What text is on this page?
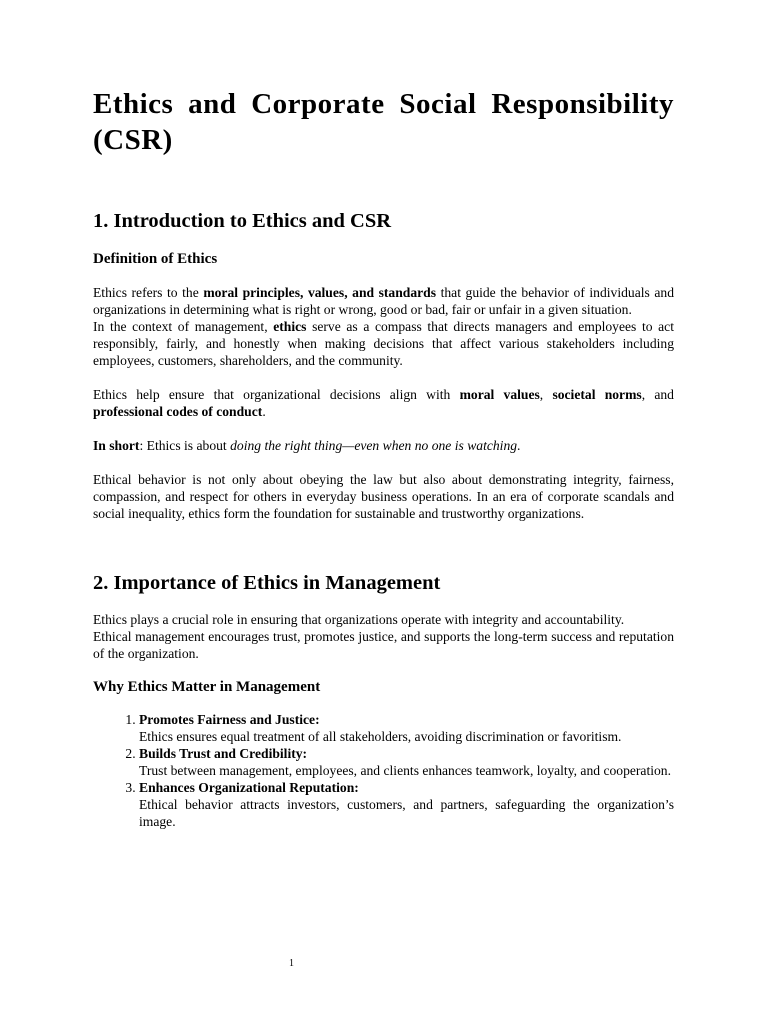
Ethics and Corporate Social Responsibility (CSR)
1. Introduction to Ethics and CSR
Definition of Ethics

Ethics refers to the moral principles, values, and standards that guide the behavior of individuals and organizations in determining what is right or wrong, good or bad, fair or unfair in a given situation.

In the context of management, ethics serve as a compass that directs managers and employees to act responsibly, fairly, and honestly when making decisions that affect various stakeholders including employees, customers, shareholders, and the community.

Ethics help ensure that organizational decisions align with moral values, societal norms, and professional codes of conduct.

In short: Ethics is about doing the right thing—even when no one is watching.

Ethical behavior is not only about obeying the law but also about demonstrating integrity, fairness, compassion, and respect for others in everyday business operations. In an era of corporate scandals and social inequality, ethics form the foundation for sustainable and trustworthy organizations.

2. Importance of Ethics in Management

Ethics plays a crucial role in ensuring that organizations operate with integrity and accountability.

Ethical management encourages trust, promotes justice, and supports the long-term success and reputation of the organization.

Why Ethics Matter in Management
1. Promotes Fairness and Justice:
Ethics ensures equal treatment of all stakeholders, avoiding discrimination or favoritism.
2. Builds Trust and Credibility:
Trust between management, employees, and clients enhances teamwork, loyalty, and cooperation.
3. Enhances Organizational Reputation:
Ethical behavior attracts investors, customers, and partners, safeguarding the organization’s image.
1
